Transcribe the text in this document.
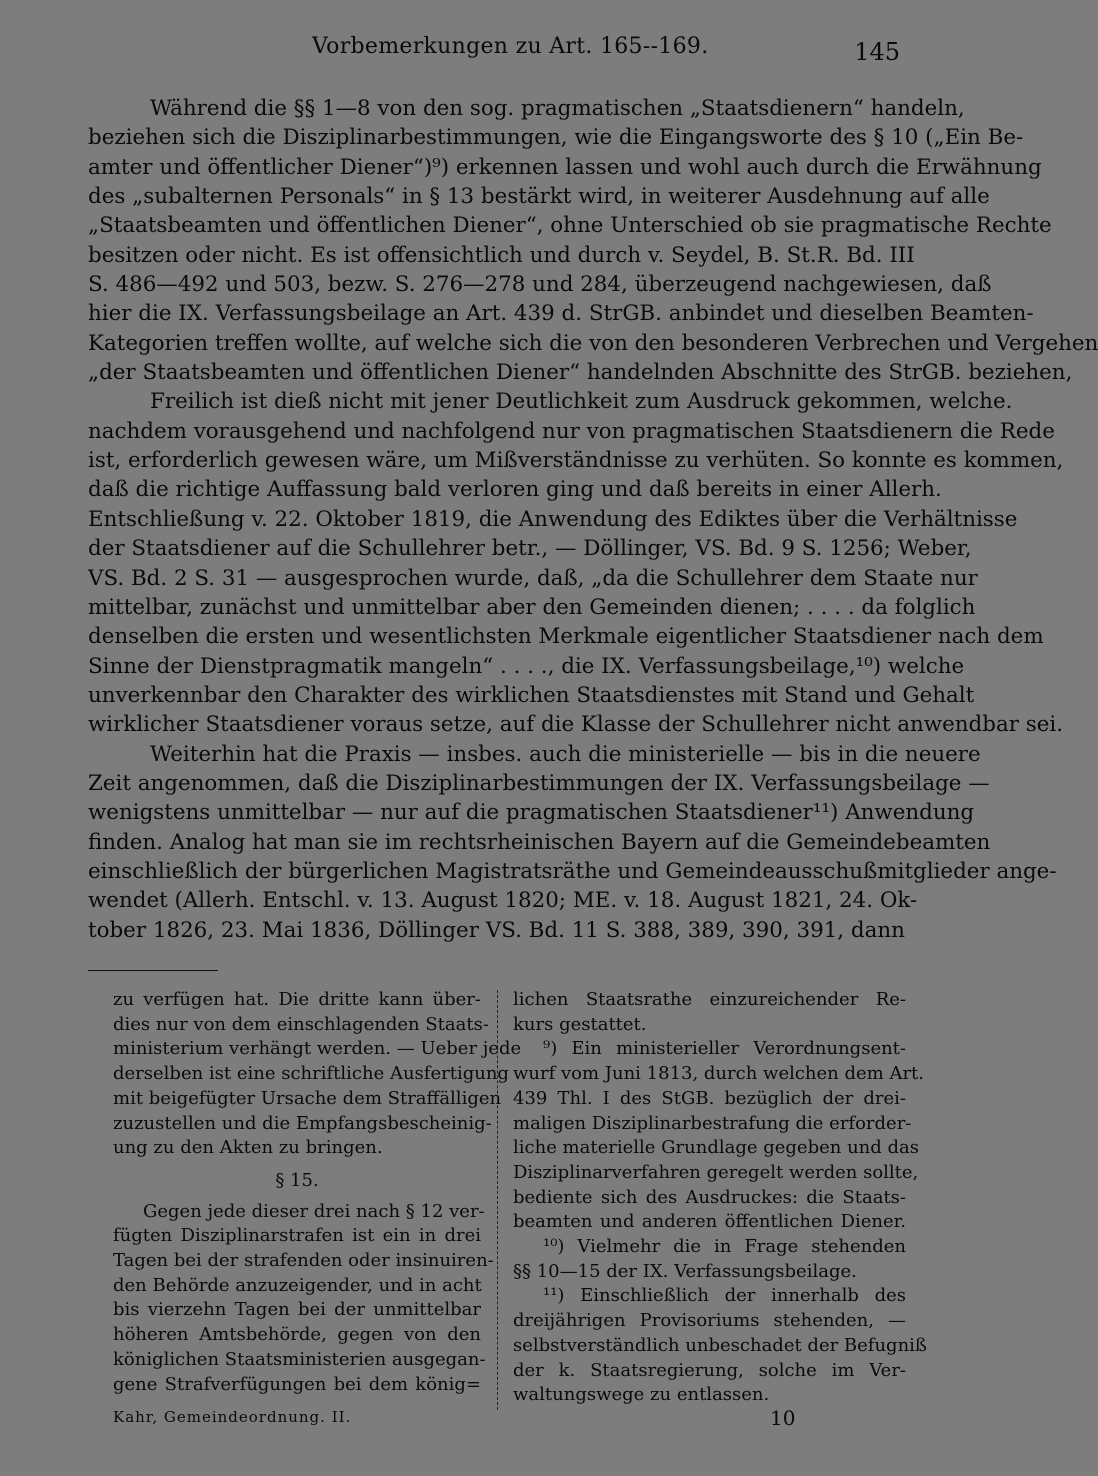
Vorbemerkungen zu Art. 165--169.	145
Während die §§ 1—8 von den sog. pragmatischen „Staatsdienern“ handeln,
beziehen sich die Disziplinarbestimmungen, wie die Eingangsworte des § 10 („Ein Be-
amter und öffentlicher Diener“)⁹) erkennen lassen und wohl auch durch die Erwähnung
des „subalternen Personals“ in § 13 bestärkt wird, in weiterer Ausdehnung auf alle
„Staatsbeamten und öffentlichen Diener“, ohne Unterschied ob sie pragmatische Rechte
besitzen oder nicht. Es ist offensichtlich und durch v. Seydel, B. St.R. Bd. III
S. 486—492 und 503, bezw. S. 276—278 und 284, überzeugend nachgewiesen, daß
hier die IX. Verfassungsbeilage an Art. 439 d. StrGB. anbindet und dieselben Beamten-
Kategorien treffen wollte, auf welche sich die von den besonderen Verbrechen und Vergehen
„der Staatsbeamten und öffentlichen Diener“ handelnden Abschnitte des StrGB. beziehen,
Freilich ist dieß nicht mit jener Deutlichkeit zum Ausdruck gekommen, welche.
nachdem vorausgehend und nachfolgend nur von pragmatischen Staatsdienern die Rede
ist, erforderlich gewesen wäre, um Mißverständnisse zu verhüten. So konnte es kommen,
daß die richtige Auffassung bald verloren ging und daß bereits in einer Allerh.
Entschließung v. 22. Oktober 1819, die Anwendung des Ediktes über die Verhältnisse
der Staatsdiener auf die Schullehrer betr., — Döllinger, VS. Bd. 9 S. 1256; Weber,
VS. Bd. 2 S. 31 — ausgesprochen wurde, daß, „da die Schullehrer dem Staate nur
mittelbar, zunächst und unmittelbar aber den Gemeinden dienen; . . . . da folglich
denselben die ersten und wesentlichsten Merkmale eigentlicher Staatsdiener nach dem
Sinne der Dienstpragmatik mangeln“ . . . ., die IX. Verfassungsbeilage,¹⁰) welche
unverkennbar den Charakter des wirklichen Staatsdienstes mit Stand und Gehalt
wirklicher Staatsdiener voraus setze, auf die Klasse der Schullehrer nicht anwendbar sei.
Weiterhin hat die Praxis — insbes. auch die ministerielle — bis in die neuere
Zeit angenommen, daß die Disziplinarbestimmungen der IX. Verfassungsbeilage —
wenigstens unmittelbar — nur auf die pragmatischen Staatsdiener¹¹) Anwendung
finden. Analog hat man sie im rechtsrheinischen Bayern auf die Gemeindebeamten
einschließlich der bürgerlichen Magistratsräthe und Gemeindeausschußmitglieder ange-
wendet (Allerh. Entschl. v. 13. August 1820; ME. v. 18. August 1821, 24. Ok-
tober 1826, 23. Mai 1836, Döllinger VS. Bd. 11 S. 388, 389, 390, 391, dann
zu verfügen hat. Die dritte kann über-
dies nur von dem einschlagenden Staats-
ministerium verhängt werden. — Ueber jede
derselben ist eine schriftliche Ausfertigung
mit beigefügter Ursache dem Straffälligen
zuzustellen und die Empfangsbescheinig-
ung zu den Akten zu bringen.
§ 15.
Gegen jede dieser drei nach § 12 ver-
fügten Disziplinarstrafen ist ein in drei
Tagen bei der strafenden oder insinuiren-
den Behörde anzuzeigender, und in acht
bis vierzehn Tagen bei der unmittelbar
höheren Amtsbehörde, gegen von den
königlichen Staatsministerien ausgegan-
gene Strafverfügungen bei dem könig=
lichen Staatsrathe einzureichender Re-
kurs gestattet.
⁹) Ein ministerieller Verordnungsent-
wurf vom Juni 1813, durch welchen dem Art.
439 Thl. I des StGB. bezüglich der drei-
maligen Disziplinarbestrafung die erforder-
liche materielle Grundlage gegeben und das
Disziplinarverfahren geregelt werden sollte,
bediente sich des Ausdruckes: die Staats-
beamten und anderen öffentlichen Diener.
¹⁰) Vielmehr die in Frage stehenden
§§ 10—15 der IX. Verfassungsbeilage.
¹¹) Einschließlich der innerhalb des
dreijährigen Provisoriums stehenden, —
selbstverständlich unbeschadet der Befugniß
der k. Staatsregierung, solche im Ver-
waltungswege zu entlassen.
Kahr, Gemeindeordnung. II.	10
